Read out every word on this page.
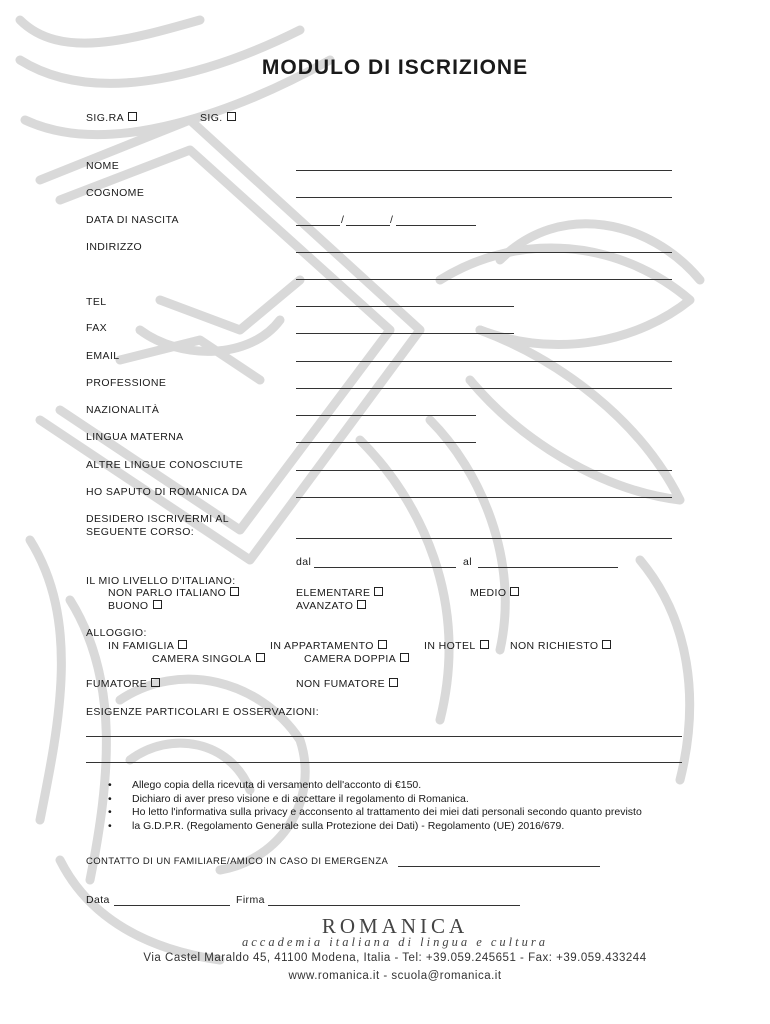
MODULO DI ISCRIZIONE
SIG.RA	SIG.
NOME
COGNOME
DATA DI NASCITA	/	/
INDIRIZZO
TEL
FAX
EMAIL
PROFESSIONE
NAZIONALITÀ
LINGUA MATERNA
ALTRE LINGUE CONOSCIUTE
HO SAPUTO DI ROMANICA DA
DESIDERO ISCRIVERMI AL
SEGUENTE CORSO:
dal	al
IL MIO LIVELLO D'ITALIANO:
NON PARLO ITALIANO	ELEMENTARE	MEDIO
BUONO	AVANZATO
ALLOGGIO:
IN FAMIGLIA	IN APPARTAMENTO	IN HOTEL	NON RICHIESTO
CAMERA SINGOLA	CAMERA DOPPIA
FUMATORE	NON FUMATORE
ESIGENZE PARTICOLARI E OSSERVAZIONI:
• Allego copia della ricevuta di versamento dell'acconto di €150.
• Dichiaro di aver preso visione e di accettare il regolamento di Romanica.
• Ho letto l'informativa sulla privacy e acconsento al trattamento dei miei dati personali secondo quanto previsto
• la G.D.P.R. (Regolamento Generale sulla Protezione dei Dati) - Regolamento (UE) 2016/679.
CONTATTO DI UN FAMILIARE/AMICO IN CASO DI EMERGENZA
Data	Firma
ROMANICA
accademia italiana di lingua e cultura
Via Castel Maraldo 45, 41100 Modena, Italia - Tel: +39.059.245651 - Fax: +39.059.433244
www.romanica.it - scuola@romanica.it
